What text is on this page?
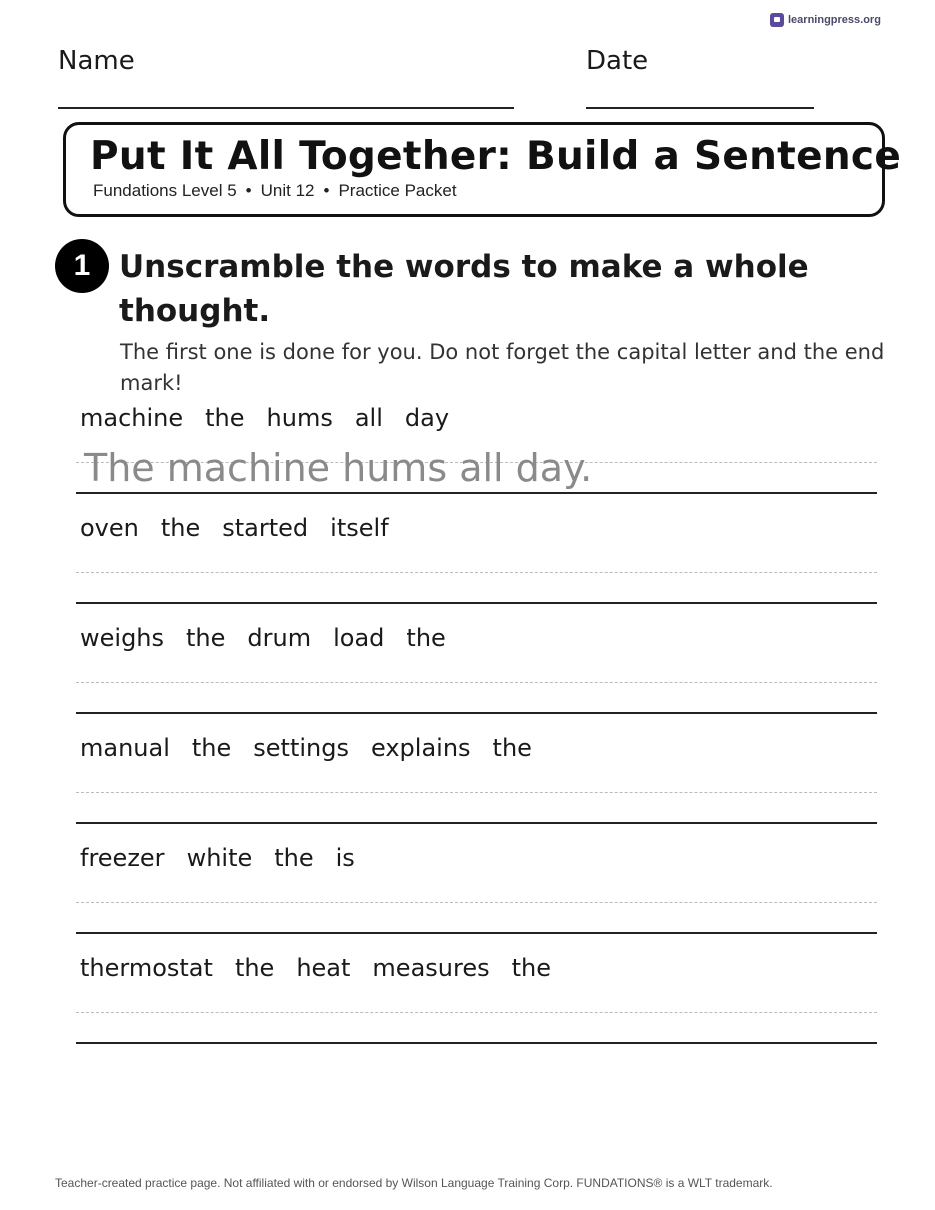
learningpress.org
Name	Date
Put It All Together: Build a Sentence
Fundations Level 5 • Unit 12 • Practice Packet
1 Unscramble the words to make a whole thought.
The first one is done for you. Do not forget the capital letter and the end mark!
machine the hums all day
The machine hums all day.
oven the started itself
weighs the drum load the
manual the settings explains the
freezer white the is
thermostat the heat measures the
Teacher-created practice page. Not affiliated with or endorsed by Wilson Language Training Corp. FUNDATIONS® is a WLT trademark.
